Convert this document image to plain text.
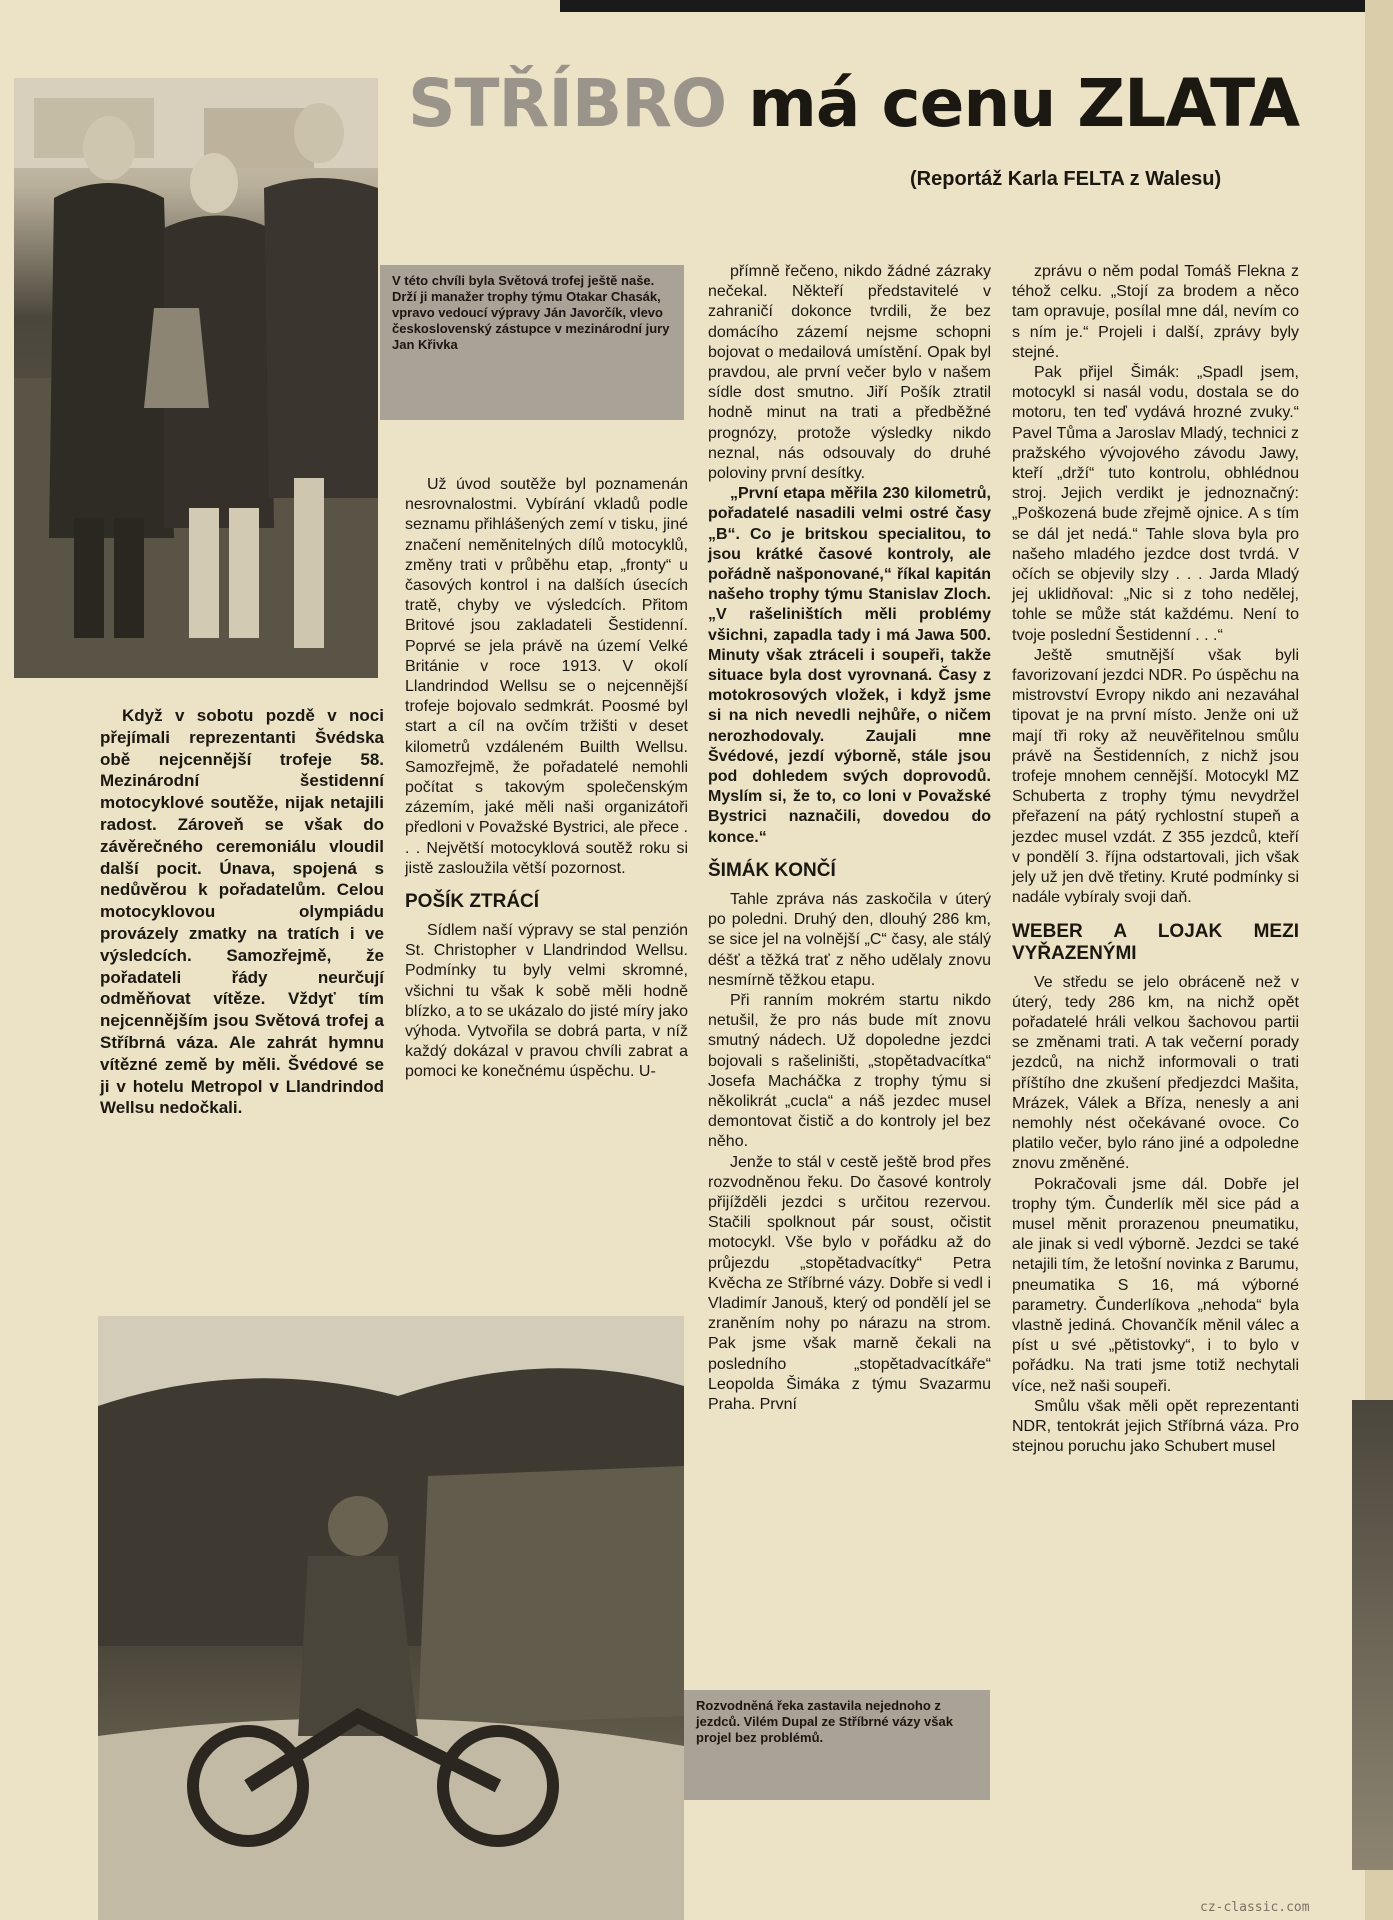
V této chvíli byla Světová trofej ještě naše. Drží ji manažer trophy týmu Otakar Chasák, vpravo vedoucí výpravy Ján Javorčík, vlevo československý zástupce v mezinárodní jury Jan Křivka
STŘÍBRO má cenu ZLATA
(Reportáž Karla FELTA z Walesu)

Když v sobotu pozdě v noci přejímali reprezentanti Švédska obě nejcennější trofeje 58. Mezinárodní šestidenní motocyklové soutěže, nijak netajili radost. Zároveň se však do závěrečného ceremoniálu vloudil další pocit. Únava, spojená s nedůvěrou k pořadatelům. Celou motocyklovou olympiádu provázely zmatky na tratích i ve výsledcích. Samozřejmě, že pořadateli řády neurčují odměňovat vítěze. Vždyť tím nejcennějším jsou Světová trofej a Stříbrná váza. Ale zahrát hymnu vítězné země by měli. Švédové se ji v hotelu Metropol v Llandrindod Wellsu nedočkali.

Už úvod soutěže byl poznamenán nesrovnalostmi. Vybírání vkladů podle seznamu přihlášených zemí v tisku, jiné značení neměnitelných dílů motocyklů, změny trati v průběhu etap, „fronty“ u časových kontrol i na dalších úsecích tratě, chyby ve výsledcích. Přitom Britové jsou zakladateli Šestidenní. Poprvé se jela právě na území Velké Británie v roce 1913. V okolí Llandrindod Wellsu se o nejcennější trofeje bojovalo sedmkrát. Poosmé byl start a cíl na ovčím tržišti v deset kilometrů vzdáleném Builth Wellsu. Samozřejmě, že pořadatelé nemohli počítat s takovým společenským zázemím, jaké měli naši organizátoři předloni v Považské Bystrici, ale přece . . . Největší motocyklová soutěž roku si jistě zasloužila větší pozornost.

POŠÍK ZTRÁCÍ

Sídlem naší výpravy se stal penzión St. Christopher v Llandrindod Wellsu. Podmínky tu byly velmi skromné, všichni tu však k sobě měli hodně blízko, a to se ukázalo do jisté míry jako výhoda. Vytvořila se dobrá parta, v níž každý dokázal v pravou chvíli zabrat a pomoci ke konečnému úspěchu. U-

přímně řečeno, nikdo žádné zázraky nečekal. Někteří představitelé v zahraničí dokonce tvrdili, že bez domácího zázemí nejsme schopni bojovat o medailová umístění. Opak byl pravdou, ale první večer bylo v našem sídle dost smutno. Jiří Pošík ztratil hodně minut na trati a předběžné prognózy, protože výsledky nikdo neznal, nás odsouvaly do druhé poloviny první desítky.

„První etapa měřila 230 kilometrů, pořadatelé nasadili velmi ostré časy „B“. Co je britskou specialitou, to jsou krátké časové kontroly, ale pořádně našponované,“ říkal kapitán našeho trophy týmu Stanislav Zloch. „V rašeliništích měli problémy všichni, zapadla tady i má Jawa 500. Minuty však ztráceli i soupeři, takže situace byla dost vyrovnaná. Časy z motokrosových vložek, i když jsme si na nich nevedli nejhůře, o ničem nerozhodovaly. Zaujali mne Švédové, jezdí výborně, stále jsou pod dohledem svých doprovodů. Myslím si, že to, co loni v Považské Bystrici naznačili, dovedou do konce.“

ŠIMÁK KONČÍ

Tahle zpráva nás zaskočila v úterý po poledni. Druhý den, dlouhý 286 km, se sice jel na volnější „C“ časy, ale stálý déšť a těžká trať z něho udělaly znovu nesmírně těžkou etapu.

Při ranním mokrém startu nikdo netušil, že pro nás bude mít znovu smutný nádech. Už dopoledne jezdci bojovali s rašeliništi, „stopětadvacítka“ Josefa Macháčka z trophy týmu si několikrát „cucla“ a náš jezdec musel demontovat čistič a do kontroly jel bez něho.

Jenže to stál v cestě ještě brod přes rozvodněnou řeku. Do časové kontroly přijížděli jezdci s určitou rezervou. Stačili spolknout pár soust, očistit motocykl. Vše bylo v pořádku až do průjezdu „stopětadvacítky“ Petra Kvěcha ze Stříbrné vázy. Dobře si vedl i Vladimír Janouš, který od pondělí jel se zraněním nohy po nárazu na strom. Pak jsme však marně čekali na posledního „stopětadvacítkáře“ Leopolda Šimáka z týmu Svazarmu Praha. První

zprávu o něm podal Tomáš Flekna z téhož celku. „Stojí za brodem a něco tam opravuje, posílal mne dál, nevím co s ním je.“ Projeli i další, zprávy byly stejné.

Pak přijel Šimák: „Spadl jsem, motocykl si nasál vodu, dostala se do motoru, ten teď vydává hrozné zvuky.“ Pavel Tůma a Jaroslav Mladý, technici z pražského vývojového závodu Jawy, kteří „drží“ tuto kontrolu, obhlédnou stroj. Jejich verdikt je jednoznačný: „Poškozená bude zřejmě ojnice. A s tím se dál jet nedá.“ Tahle slova byla pro našeho mladého jezdce dost tvrdá. V očích se objevily slzy . . . Jarda Mladý jej uklidňoval: „Nic si z toho nedělej, tohle se může stát každému. Není to tvoje poslední Šestidenní . . .“

Ještě smutnější však byli favorizovaní jezdci NDR. Po úspěchu na mistrovství Evropy nikdo ani nezaváhal tipovat je na první místo. Jenže oni už mají tři roky až neuvěřitelnou smůlu právě na Šestidenních, z nichž jsou trofeje mnohem cennější. Motocykl MZ Schuberta z trophy týmu nevydržel přeřazení na pátý rychlostní stupeň a jezdec musel vzdát. Z 355 jezdců, kteří v pondělí 3. října odstartovali, jich však jely už jen dvě třetiny. Kruté podmínky si nadále vybíraly svoji daň.

WEBER A LOJAK MEZI VYŘAZENÝMI

Ve středu se jelo obráceně než v úterý, tedy 286 km, na nichž opět pořadatelé hráli velkou šachovou partii se změnami trati. A tak večerní porady jezdců, na nichž informovali o trati příštího dne zkušení předjezdci Mašita, Mrázek, Válek a Bříza, nenesly a ani nemohly nést očekávané ovoce. Co platilo večer, bylo ráno jiné a odpoledne znovu změněné.

Pokračovali jsme dál. Dobře jel trophy tým. Čunderlík měl sice pád a musel měnit prorazenou pneumatiku, ale jinak si vedl výborně. Jezdci se také netajili tím, že letošní novinka z Barumu, pneumatika S 16, má výborné parametry. Čunderlíkova „nehoda“ byla vlastně jediná. Chovančík měnil válec a píst u své „pětistovky“, i to bylo v pořádku. Na trati jsme totiž nechytali více, než naši soupeři.

Smůlu však měli opět reprezentanti NDR, tentokrát jejich Stříbrná váza. Pro stejnou poruchu jako Schubert musel

Rozvodněná řeka zastavila nejednoho z jezdců. Vilém Dupal ze Stříbrné vázy však projel bez problémů.
cz-classic.com
